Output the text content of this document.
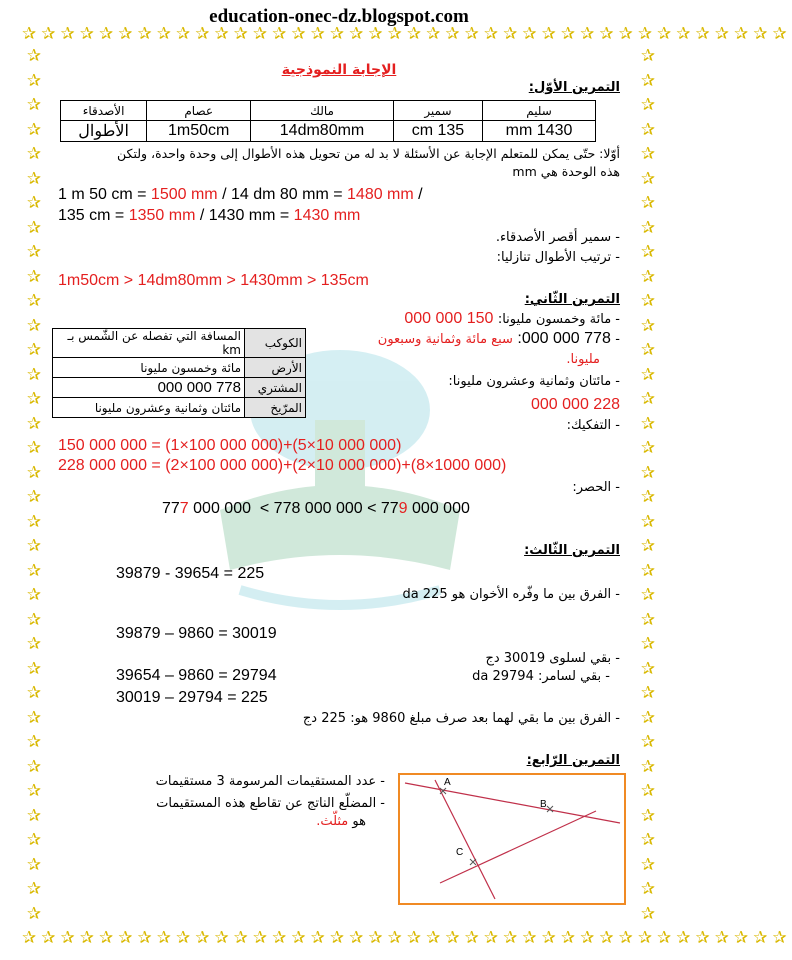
education-onec-dz.blogspot.com
✰✰✰✰✰✰✰✰✰✰✰✰✰✰✰✰✰✰✰✰✰✰✰✰✰✰✰✰✰✰✰✰✰✰✰✰✰✰✰✰
✰✰✰✰✰✰✰✰✰✰✰✰✰✰✰✰✰✰✰✰✰✰✰✰✰✰✰✰✰✰✰✰✰✰✰✰✰✰✰✰
✰
✰
✰
✰
✰
✰
✰
✰
✰
✰
✰
✰
✰
✰
✰
✰
✰
✰
✰
✰
✰
✰
✰
✰
✰
✰
✰
✰
✰
✰
✰
✰
✰
✰
✰
✰
✰
✰
✰
✰
✰
✰
✰
✰
✰
✰
✰
✰
✰
✰
✰
✰
✰
✰
✰
✰
✰
✰
✰
✰
✰
✰
✰
✰
✰
✰
✰
✰
✰
✰
✰
✰
الإجابة النموذجية
التمرين الأوّل:
سليم	سمير	مالك	عصام	الأصدقاء
1430 mm	135 cm	14dm80mm	1m50cm	الأطوال
أوّلا: حتّى يمكن للمتعلم الإجابة عن الأسئلة لا بد له من تحويل هذه الأطوال إلى وحدة واحدة، ولتكن
هذه الوحدة هي mm
1 m 50 cm = 1500 mm / 14 dm 80 mm = 1480 mm /
135 cm = 1350 mm / 1430 mm = 1430 mm
- سمير أقصر الأصدقاء.
- ترتيب الأطوال تنازليا:
1m50cm > 14dm80mm > 1430mm > 135cm
التمرين الثّاني:
- مائة وخمسون مليونا: 150 000 000
- 778 000 000: سبع مائة وثمانية وسبعون
مليونا.
- مائتان وثمانية وعشرون مليونا:
228 000 000
الكوكب	المسافة التي تفصله عن الشّمس بـ km
الأرض	مائة وخمسون مليونا
المشتري	778 000 000
المرّيخ	مائتان وثمانية وعشرون مليونا
- التفكيك:
150 000 000 = (1×100 000 000)+(5×10 000 000)
228 000 000 = (2×100 000 000)+(2×10 000 000)+(8×1000 000)
- الحصر:
777 000 000  < 778 000 000 < 779 000 000
التمرين الثّالث:
39879 - 39654 = 225
- الفرق بين ما وفّره الأخوان هو 225 da
39879 – 9860 = 30019
- بقي لسلوى 30019 دج
- بقي لسامر: 29794 da
39654 – 9860 = 29794
30019 – 29794 = 225
- الفرق بين ما بقي لهما بعد صرف مبلغ 9860 هو: 225 دج
التمرين الرّابع:
- عدد المستقيمات المرسومة 3 مستقيمات
- المضلّع الناتج عن تقاطع هذه المستقيمات
هو مثلّث.
A
B
C
